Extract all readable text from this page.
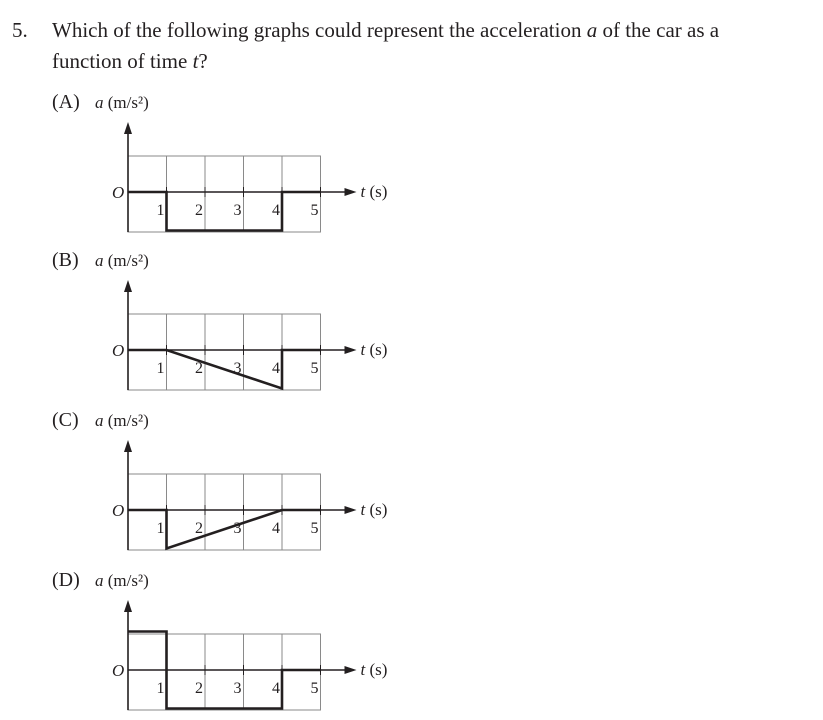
5. Which of the following graphs could represent the acceleration a of the car as a
function of time t?
(A) a (m/s²)
O	t (s)
1 2 3 4 5
(B) a (m/s²)
O	t (s)
1 2 3 4 5
(C) a (m/s²)
O	t (s)
1 2 3 4 5
(D) a (m/s²)
O	t (s)
1 2 3 4 5
